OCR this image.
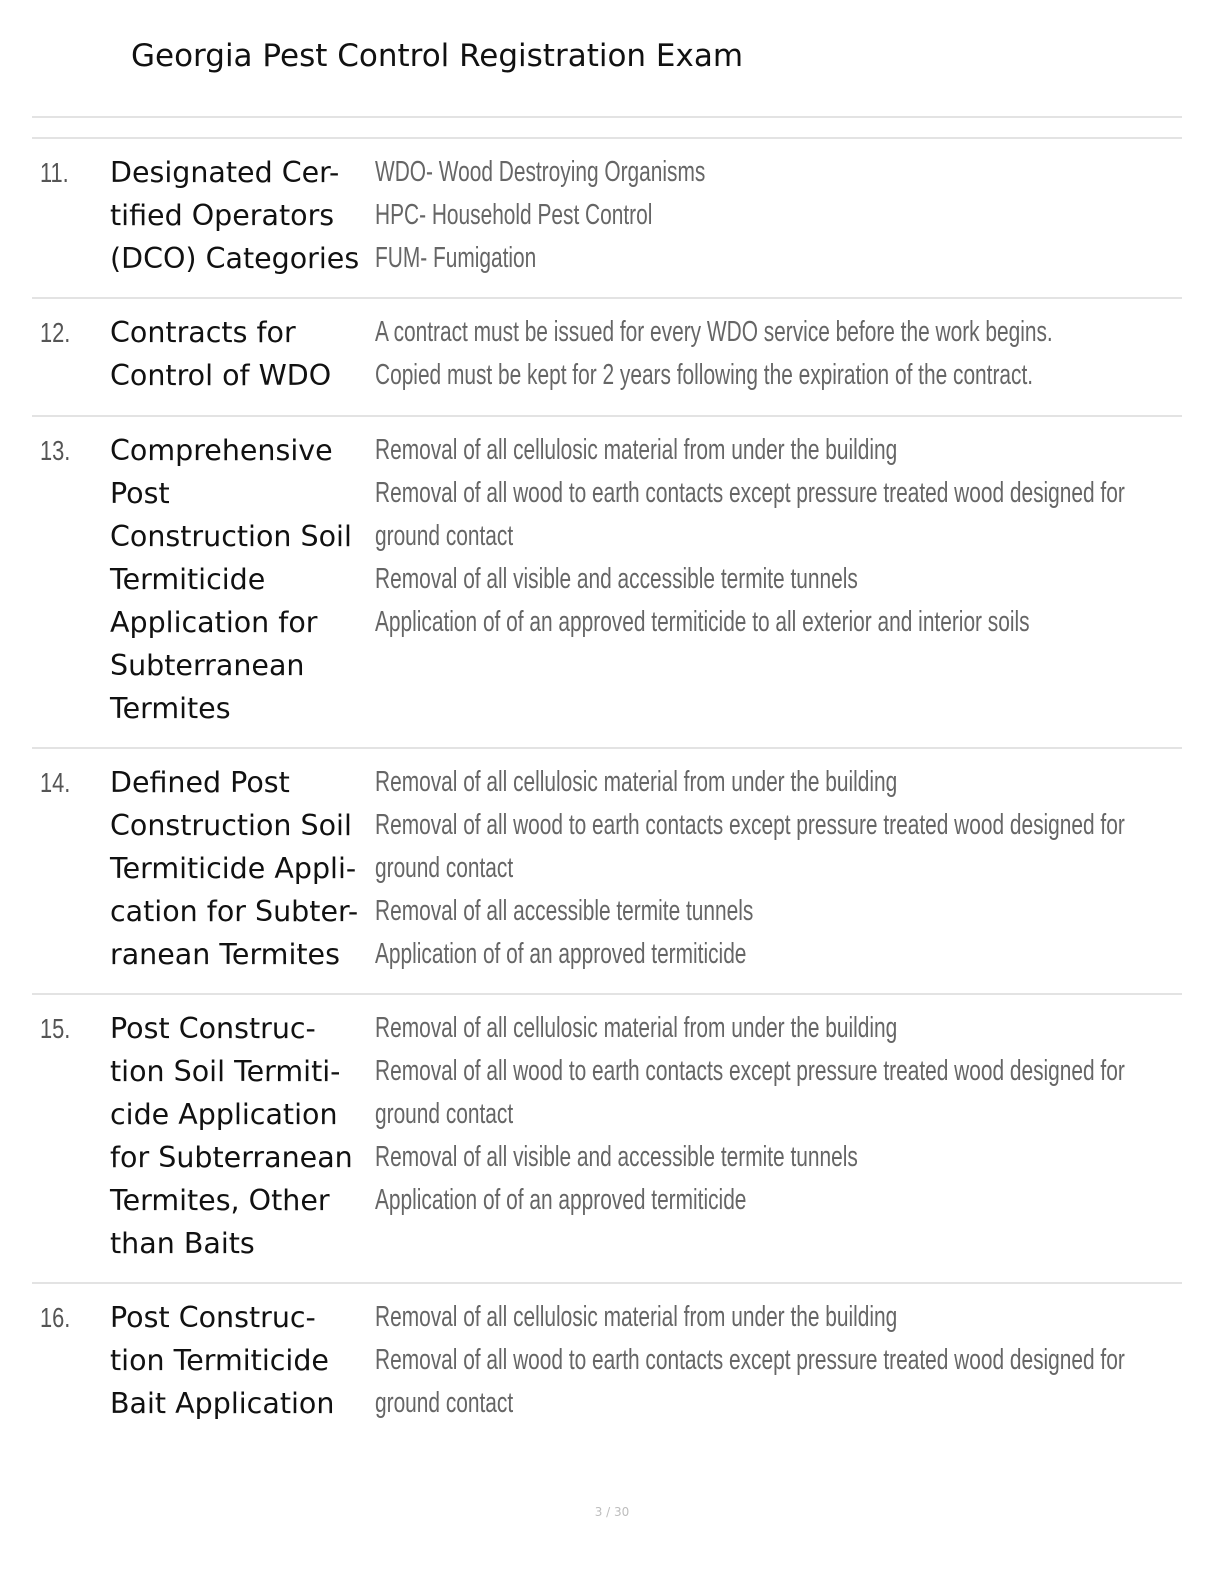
Georgia Pest Control Registration Exam
11. Designated Cer-
tified Operators
(DCO) Categories
WDO- Wood Destroying Organisms
HPC- Household Pest Control
FUM- Fumigation
12. Contracts for
Control of WDO
A contract must be issued for every WDO service before the work begins.
Copied must be kept for 2 years following the expiration of the contract.
13. Comprehensive
Post
Construction Soil
Termiticide
Application for
Subterranean
Termites
Removal of all cellulosic material from under the building
Removal of all wood to earth contacts except pressure treated wood designed for
ground contact
Removal of all visible and accessible termite tunnels
Application of of an approved termiticide to all exterior and interior soils
14. Defined Post
Construction Soil
Termiticide Appli-
cation for Subter-
ranean Termites
Removal of all cellulosic material from under the building
Removal of all wood to earth contacts except pressure treated wood designed for
ground contact
Removal of all accessible termite tunnels
Application of of an approved termiticide
15. Post Construc-
tion Soil Termiti-
cide Application
for Subterranean
Termites, Other
than Baits
Removal of all cellulosic material from under the building
Removal of all wood to earth contacts except pressure treated wood designed for
ground contact
Removal of all visible and accessible termite tunnels
Application of of an approved termiticide
16. Post Construc-
tion Termiticide
Bait Application
Removal of all cellulosic material from under the building
Removal of all wood to earth contacts except pressure treated wood designed for
ground contact
3 / 30
